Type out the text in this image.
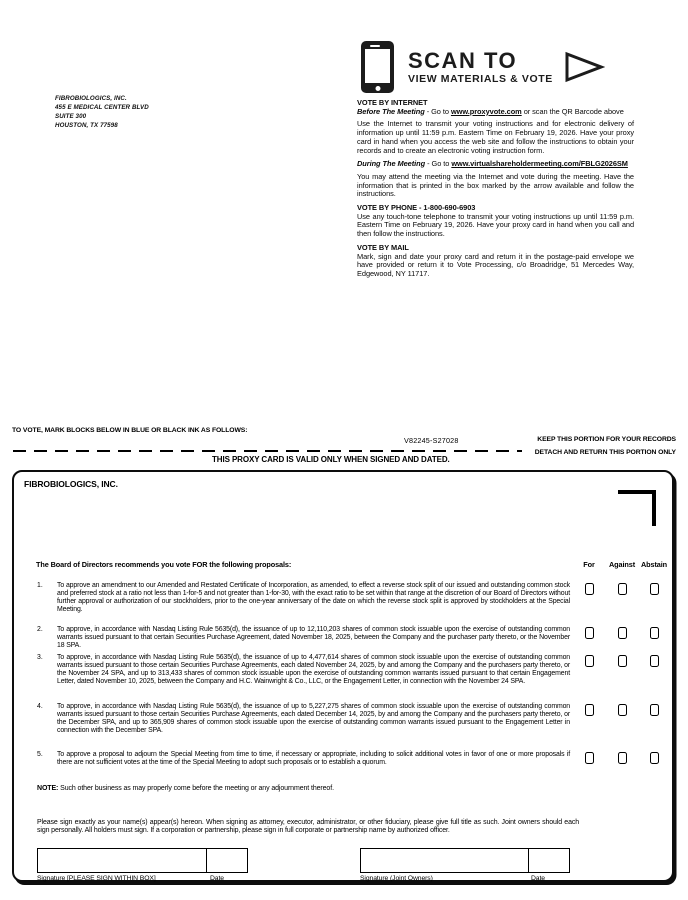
FIBROBIOLOGICS, INC.
455 E MEDICAL CENTER BLVD
SUITE 300
HOUSTON, TX 77598
SCAN TO
VIEW MATERIALS & VOTE
VOTE BY INTERNET
Before The Meeting - Go to www.proxyvote.com or scan the QR Barcode above

Use the Internet to transmit your voting instructions and for electronic delivery of information up until 11:59 p.m. Eastern Time on February 19, 2026. Have your proxy card in hand when you access the web site and follow the instructions to obtain your records and to create an electronic voting instruction form.

During The Meeting - Go to www.virtualshareholdermeeting.com/FBLG2026SM

You may attend the meeting via the Internet and vote during the meeting. Have the information that is printed in the box marked by the arrow available and follow the instructions.

VOTE BY PHONE - 1-800-690-6903

Use any touch-tone telephone to transmit your voting instructions up until 11:59 p.m. Eastern Time on February 19, 2026. Have your proxy card in hand when you call and then follow the instructions.

VOTE BY MAIL

Mark, sign and date your proxy card and return it in the postage-paid envelope we have provided or return it to Vote Processing, c/o Broadridge, 51 Mercedes Way, Edgewood, NY 11717.

TO VOTE, MARK BLOCKS BELOW IN BLUE OR BLACK INK AS FOLLOWS:
V82245-S27028	KEEP THIS PORTION FOR YOUR RECORDS
DETACH AND RETURN THIS PORTION ONLY
THIS PROXY CARD IS VALID ONLY WHEN SIGNED AND DATED.
FIBROBIOLOGICS, INC.
The Board of Directors recommends you vote FOR the following proposals:	For	Against Abstain
1. To approve an amendment to our Amended and Restated Certificate of Incorporation, as amended, to effect a reverse stock split of our issued and outstanding common stock and preferred stock at a ratio not less than 1-for-5 and not greater than 1-for-30, with the exact ratio to be set within that range at the discretion of our Board of Directors without further approval or authorization of our stockholders, prior to the one-year anniversary of the date on which the reverse stock split is approved by stockholders at the Special Meeting.
2. To approve, in accordance with Nasdaq Listing Rule 5635(d), the issuance of up to 12,110,203 shares of common stock issuable upon the exercise of outstanding common warrants issued pursuant to that certain Securities Purchase Agreement, dated November 18, 2025, between the Company and the purchaser party thereto, or the November 18 SPA.
3. To approve, in accordance with Nasdaq Listing Rule 5635(d), the issuance of up to 4,477,614 shares of common stock issuable upon the exercise of outstanding common warrants issued pursuant to those certain Securities Purchase Agreements, each dated November 24, 2025, by and among the Company and the purchasers party thereto, or the November 24 SPA, and up to 313,433 shares of common stock issuable upon the exercise of outstanding common warrants issued pursuant to that certain Engagement Letter, dated November 10, 2025, between the Company and H.C. Wainwright & Co., LLC, or the Engagement Letter, in connection with the November 24 SPA.
4. To approve, in accordance with Nasdaq Listing Rule 5635(d), the issuance of up to 5,227,275 shares of common stock issuable upon the exercise of outstanding common warrants issued pursuant to those certain Securities Purchase Agreements, each dated December 14, 2025, by and among the Company and the purchasers party thereto, or the December SPA, and up to 365,909 shares of common stock issuable upon the exercise of outstanding common warrants issued pursuant to the Engagement Letter in connection with the December SPA.
5. To approve a proposal to adjourn the Special Meeting from time to time, if necessary or appropriate, including to solicit additional votes in favor of one or more proposals if there are not sufficient votes at the time of the Special Meeting to adopt such proposals or to establish a quorum.
NOTE: Such other business as may properly come before the meeting or any adjournment thereof.
Please sign exactly as your name(s) appear(s) hereon. When signing as attorney, executor, administrator, or other fiduciary, please give full title as such. Joint owners should each sign personally. All holders must sign. If a corporation or partnership, please sign in full corporate or partnership name by authorized officer.
Signature [PLEASE SIGN WITHIN BOX]	Date	Signature (Joint Owners)	Date
